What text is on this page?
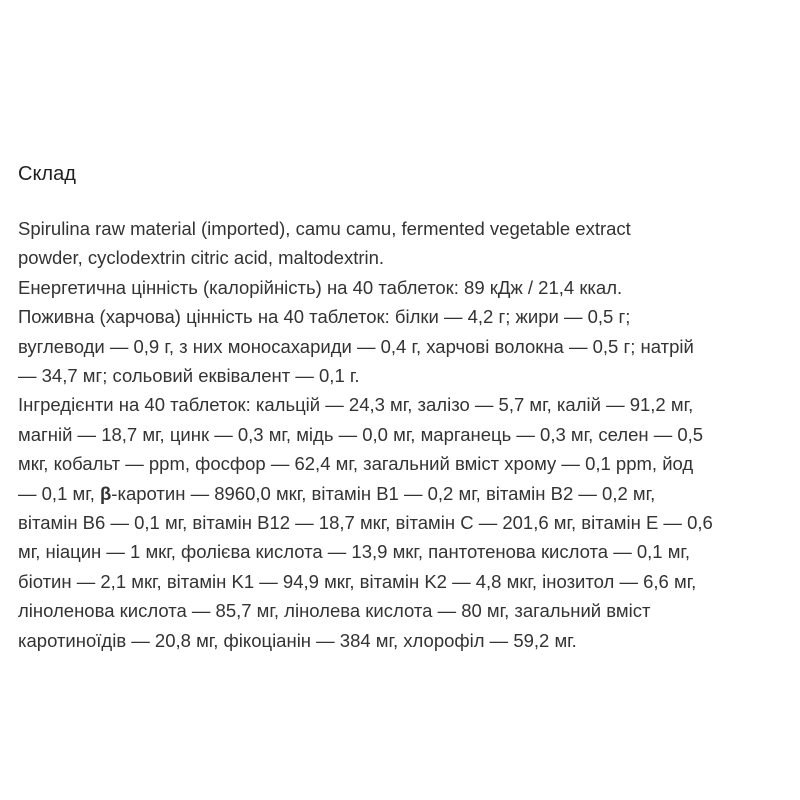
Склад

Spirulina raw material (imported), camu camu, fermented vegetable extract
powder, cyclodextrin citric acid, maltodextrin.

Енергетична цінність (калорійність) на 40 таблеток: 89 кДж / 21,4 ккал.

Поживна (харчова) цінність на 40 таблеток: білки — 4,2 г; жири — 0,5 г;
вуглеводи — 0,9 г, з них моносахариди — 0,4 г, харчові волокна — 0,5 г; натрій
— 34,7 мг; сольовий еквівалент — 0,1 г.

Інгредієнти на 40 таблеток: кальцій — 24,3 мг, залізо — 5,7 мг, калій — 91,2 мг,
магній — 18,7 мг, цинк — 0,3 мг, мідь — 0,0 мг, марганець — 0,3 мг, селен — 0,5
мкг, кобальт — ppm, фосфор — 62,4 мг, загальний вміст хрому — 0,1 ppm, йод
— 0,1 мг, β-каротин — 8960,0 мкг, вітамін B1 — 0,2 мг, вітамін B2 — 0,2 мг,
вітамін B6 — 0,1 мг, вітамін B12 — 18,7 мкг, вітамін C — 201,6 мг, вітамін E — 0,6
мг, ніацин — 1 мкг, фолієва кислота — 13,9 мкг, пантотенова кислота — 0,1 мг,
біотин — 2,1 мкг, вітамін K1 — 94,9 мкг, вітамін K2 — 4,8 мкг, інозитол — 6,6 мг,
ліноленова кислота — 85,7 мг, лінолева кислота — 80 мг, загальний вміст
каротиноїдів — 20,8 мг, фікоціанін — 384 мг, хлорофіл — 59,2 мг.
